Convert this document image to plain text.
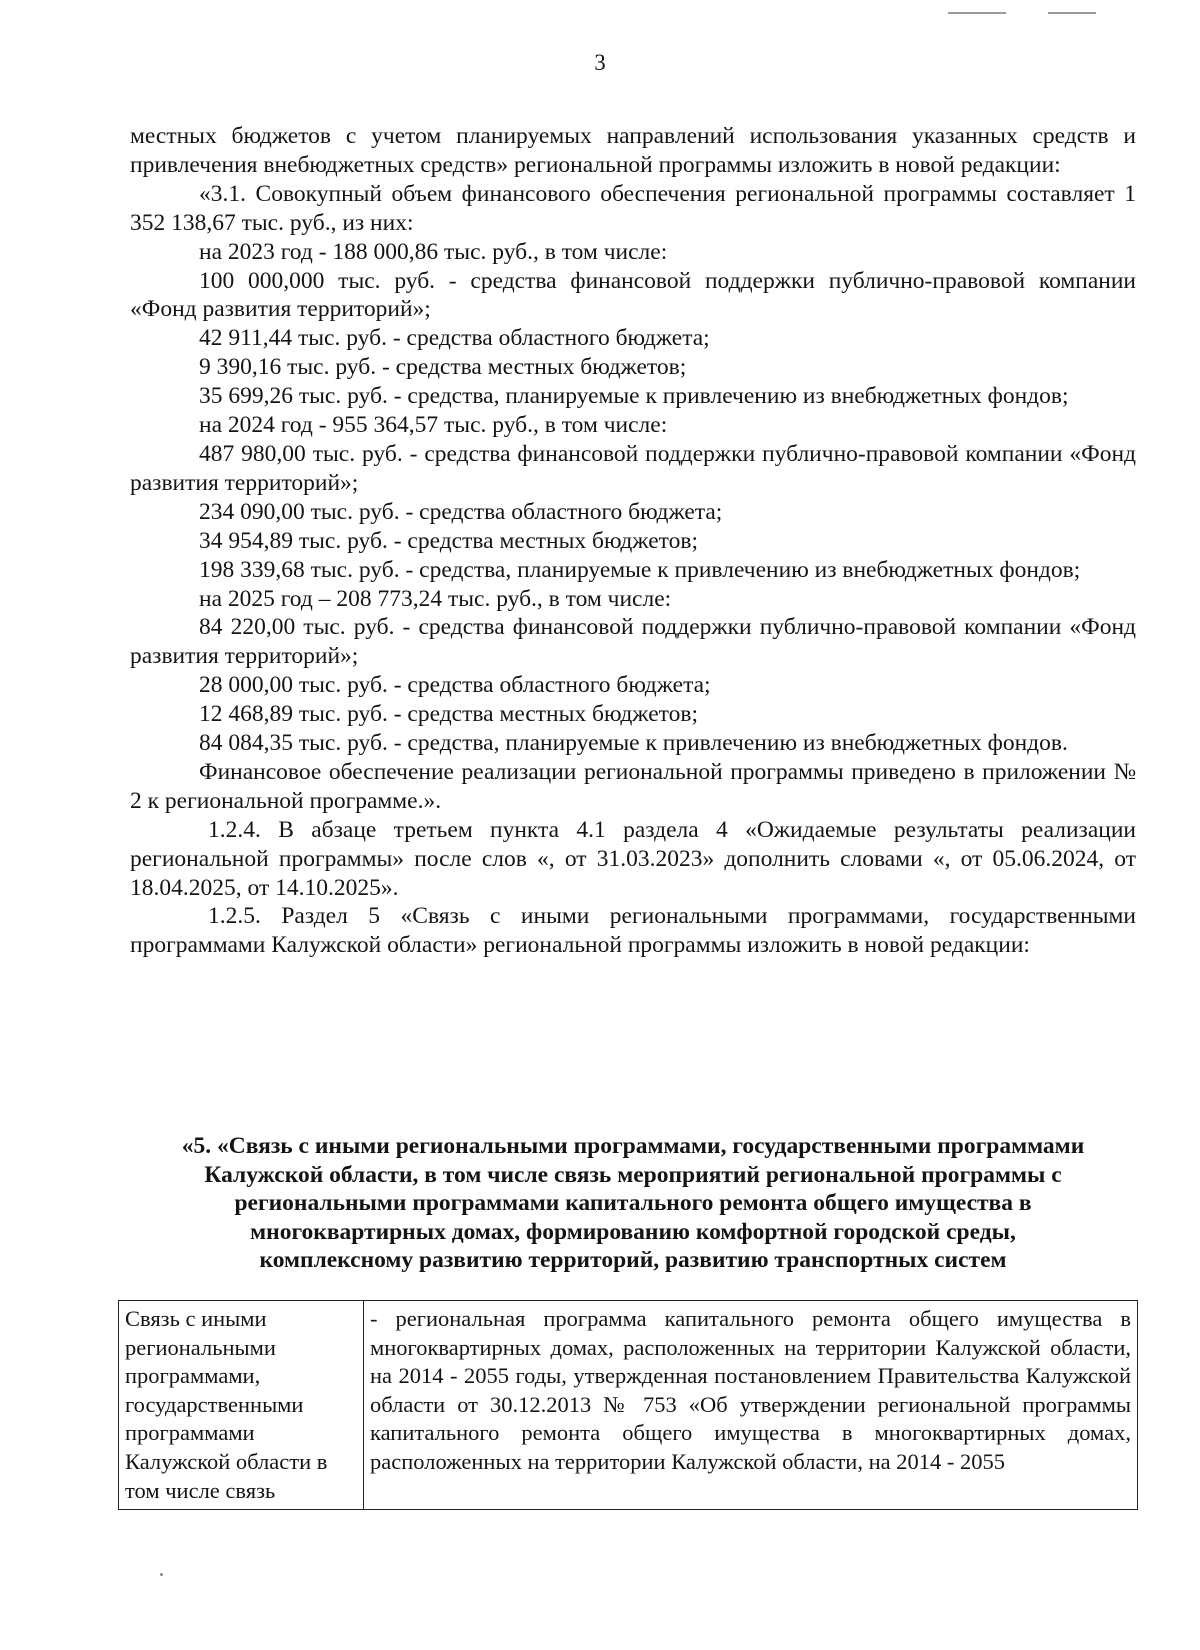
3

местных бюджетов с учетом планируемых направлений использования указанных средств и привлечения внебюджетных средств» региональной программы изложить в новой редакции:

«3.1. Совокупный объем финансового обеспечения региональной программы составляет 1 352 138,67 тыс. руб., из них:

на 2023 год - 188 000,86 тыс. руб., в том числе:

100 000,000 тыс. руб. - средства финансовой поддержки публично-правовой компании «Фонд развития территорий»;

42 911,44 тыс. руб. - средства областного бюджета;

9 390,16 тыс. руб. - средства местных бюджетов;

35 699,26 тыс. руб. - средства, планируемые к привлечению из внебюджетных фондов;

на 2024 год - 955 364,57 тыс. руб., в том числе:

487 980,00 тыс. руб. - средства финансовой поддержки публично-правовой компании «Фонд развития территорий»;

234 090,00 тыс. руб. - средства областного бюджета;

34 954,89 тыс. руб. - средства местных бюджетов;

198 339,68 тыс. руб. - средства, планируемые к привлечению из внебюджетных фондов;

на 2025 год – 208 773,24 тыс. руб., в том числе:

84 220,00 тыс. руб. - средства финансовой поддержки публично-правовой компании «Фонд развития территорий»;

28 000,00 тыс. руб. - средства областного бюджета;

12 468,89 тыс. руб. - средства местных бюджетов;

84 084,35 тыс. руб. - средства, планируемые к привлечению из внебюджетных фондов.

Финансовое обеспечение реализации региональной программы приведено в приложении № 2 к региональной программе.».

1.2.4. В абзаце третьем пункта 4.1 раздела 4 «Ожидаемые результаты реализации региональной программы» после слов «, от 31.03.2023» дополнить словами «, от 05.06.2024, от 18.04.2025, от 14.10.2025».

1.2.5. Раздел 5 «Связь с иными региональными программами, государственными программами Калужской области» региональной программы изложить в новой редакции:

«5. «Связь с иными региональными программами, государственными программами

Калужской области, в том числе связь мероприятий региональной программы с

региональными программами капитального ремонта общего имущества в

многоквартирных домах, формированию комфортной городской среды,

комплексному развитию территорий, развитию транспортных систем

Связь с иными региональными программами, государственными программами Калужской области в том числе связь	- региональная программа капитального ремонта общего имущества в многоквартирных домах, расположенных на территории Калужской области, на 2014 - 2055 годы, утвержденная постановлением Правительства Калужской области от 30.12.2013 № 753 «Об утверждении региональной программы капитального ремонта общего имущества в многоквартирных домах, расположенных на территории Калужской области, на 2014 - 2055
